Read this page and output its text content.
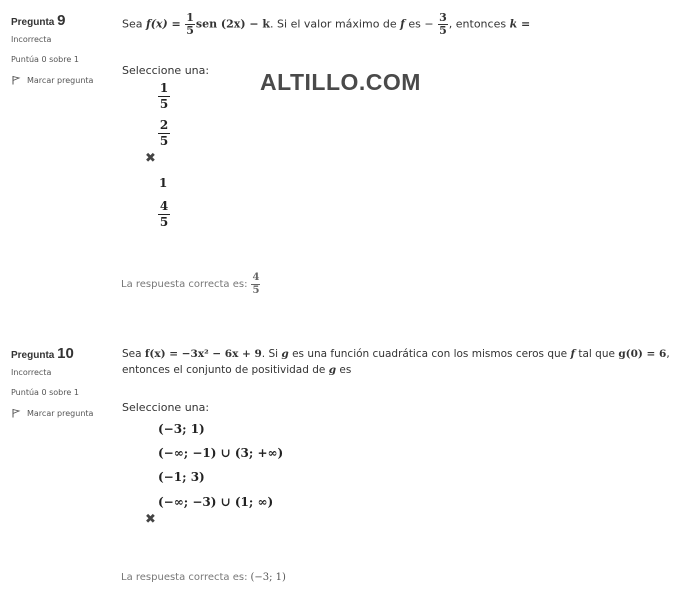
ALTILLO.COM
Pregunta 9
Incorrecta
Puntúa 0 sobre 1
Marcar pregunta
Sea $f(x) = \frac{1}{5}$ sen (2x) − k. Si el valor máximo de f es − $\frac{3}{5}$ , entonces k =
Seleccione una:
1
5
2
5
✖
1
4
5
La respuesta correcta es: $\frac{4}{5}$
Pregunta 10
Incorrecta
Puntúa 0 sobre 1
Marcar pregunta
Sea f(x) = −3x² − 6x + 9. Si g es una función cuadrática con los mismos ceros que f tal que g(0) = 6,
entonces el conjunto de positividad de g es
Seleccione una:
(−3; 1)
(−∞; −1) ∪ (3; +∞)
(−1; 3)
(−∞; −3) ∪ (1; ∞)
✖
La respuesta correcta es: (−3; 1)
